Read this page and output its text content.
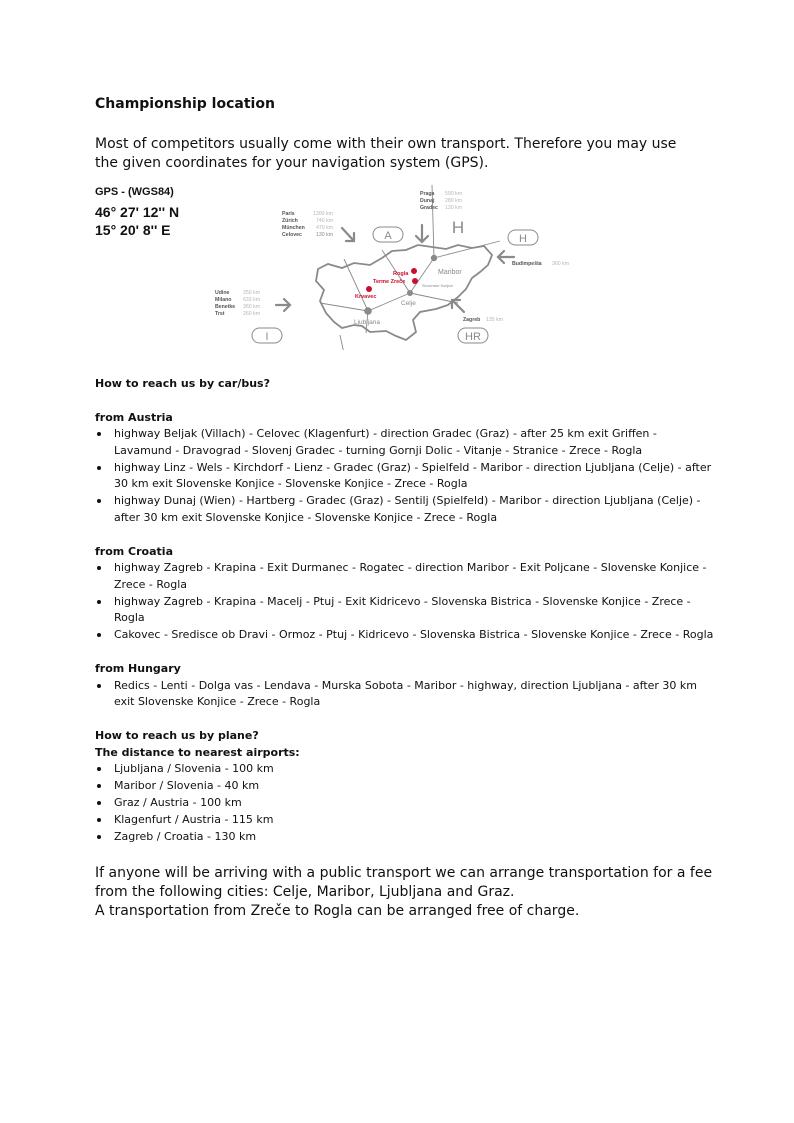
Championship location
Most of competitors usually come with their own transport. Therefore you may use the given coordinates for your navigation system (GPS).
GPS - (WGS84)
46° 27' 12'' N
15° 20' 8'' E
Rogla
Terme Zreče
Krvavec
Slovenske Konjice
Maribor
Celje
Ljubljana
A	H
H
I	HR
Paris	1300 km
Zürich	740 km
München 470 km
Celovec	130 km
Praga 590 km
Dunaj 280 km
Gradec 130 km
Udine	250 km
Milano 633 km
Benetke 360 km
Trst	260 km
Budimpešta 360 km
Zagreb 135 km

How to reach us by car/bus?

from Austria

highway Beljak (Villach) - Celovec (Klagenfurt) - direction Gradec (Graz) - after 25 km exit Griffen - Lavamund - Dravograd - Slovenj Gradec - turning Gornji Dolic - Vitanje - Stranice - Zrece - Rogla
highway Linz - Wels - Kirchdorf - Lienz - Gradec (Graz) - Spielfeld - Maribor - direction Ljubljana (Celje) - after 30 km exit Slovenske Konjice - Slovenske Konjice - Zrece - Rogla
highway Dunaj (Wien) - Hartberg - Gradec (Graz) - Sentilj (Spielfeld) - Maribor - direction Ljubljana (Celje) - after 30 km exit Slovenske Konjice - Slovenske Konjice - Zrece - Rogla

from Croatia

highway Zagreb - Krapina - Exit Durmanec - Rogatec - direction Maribor - Exit Poljcane - Slovenske Konjice - Zrece - Rogla
highway Zagreb - Krapina - Macelj - Ptuj - Exit Kidricevo - Slovenska Bistrica - Slovenske Konjice - Zrece - Rogla
Cakovec - Sredisce ob Dravi - Ormoz - Ptuj - Kidricevo - Slovenska Bistrica - Slovenske Konjice - Zrece - Rogla

from Hungary

Redics - Lenti - Dolga vas - Lendava - Murska Sobota - Maribor - highway, direction Ljubljana - after 30 km exit Slovenske Konjice - Zrece - Rogla

How to reach us by plane?

The distance to nearest airports:

Ljubljana / Slovenia - 100 km
Maribor / Slovenia - 40 km
Graz / Austria - 100 km
Klagenfurt / Austria - 115 km
Zagreb / Croatia - 130 km

If anyone will be arriving with a public transport we can arrange transportation for a fee from the following cities: Celje, Maribor, Ljubljana and Graz.

A transportation from Zreče to Rogla can be arranged free of charge.
